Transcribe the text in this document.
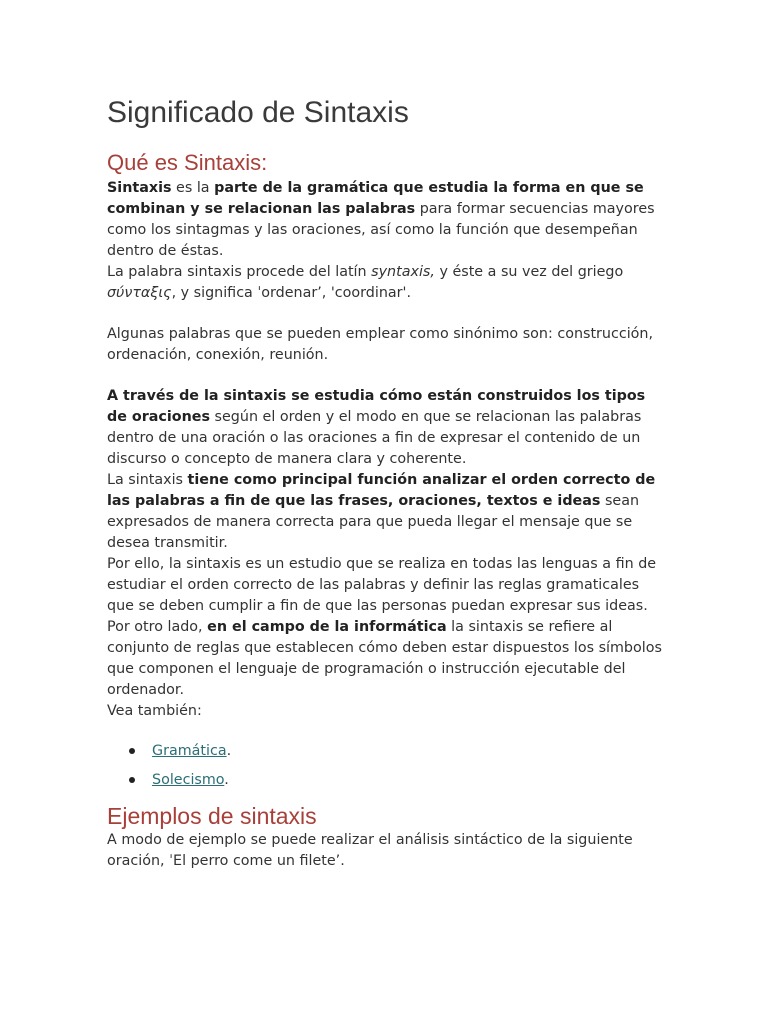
Significado de Sintaxis
Qué es Sintaxis:

Sintaxis es la parte de la gramática que estudia la forma en que se combinan y se relacionan las palabras para formar secuencias mayores como los sintagmas y las oraciones, así como la función que desempeñan dentro de éstas.

La palabra sintaxis procede del latín syntaxis, y éste a su vez del griego σύνταξις, y significa ˈordenar’, 'coordinar'.

Algunas palabras que se pueden emplear como sinónimo son: construcción, ordenación, conexión, reunión.

A través de la sintaxis se estudia cómo están construidos los tipos de oraciones según el orden y el modo en que se relacionan las palabras dentro de una oración o las oraciones a fin de expresar el contenido de un discurso o concepto de manera clara y coherente.

La sintaxis tiene como principal función analizar el orden correcto de las palabras a fin de que las frases, oraciones, textos e ideas sean expresados de manera correcta para que pueda llegar el mensaje que se desea transmitir.

Por ello, la sintaxis es un estudio que se realiza en todas las lenguas a fin de estudiar el orden correcto de las palabras y definir las reglas gramaticales que se deben cumplir a fin de que las personas puedan expresar sus ideas.

Por otro lado, en el campo de la informática la sintaxis se refiere al conjunto de reglas que establecen cómo deben estar dispuestos los símbolos que componen el lenguaje de programación o instrucción ejecutable del ordenador.

Vea también:

Gramática.
Solecismo.
Ejemplos de sintaxis

A modo de ejemplo se puede realizar el análisis sintáctico de la siguiente oración, ˈEl perro come un filete’.
